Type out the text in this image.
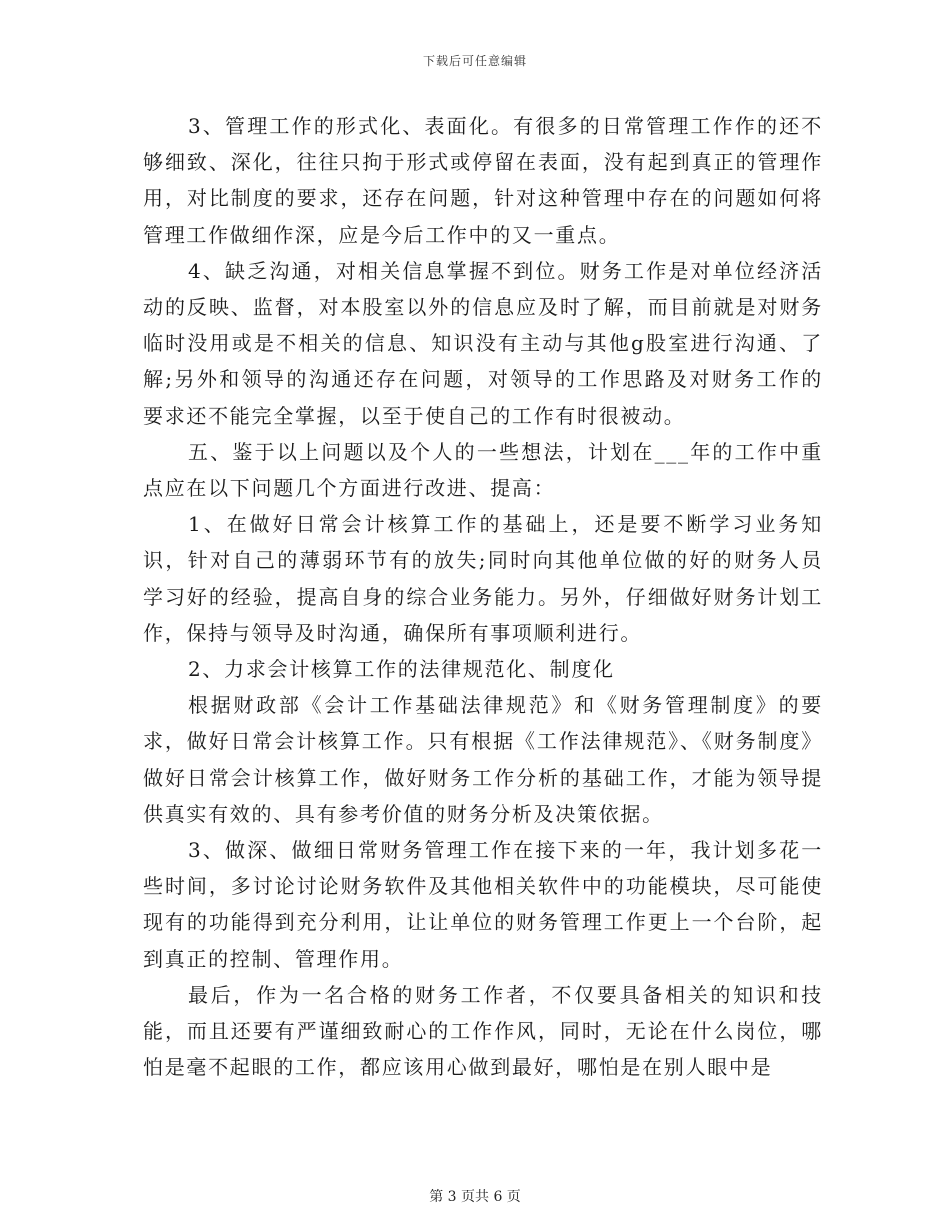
下载后可任意编辑

3、管理工作的形式化、表面化。有很多的日常管理工作作的还不够细致、深化，往往只拘于形式或停留在表面，没有起到真正的管理作用，对比制度的要求，还存在问题，针对这种管理中存在的问题如何将管理工作做细作深，应是今后工作中的又一重点。

4、缺乏沟通，对相关信息掌握不到位。财务工作是对单位经济活动的反映、监督，对本股室以外的信息应及时了解，而目前就是对财务临时没用或是不相关的信息、知识没有主动与其他g股室进行沟通、了解;另外和领导的沟通还存在问题，对领导的工作思路及对财务工作的要求还不能完全掌握，以至于使自己的工作有时很被动。

五、鉴于以上问题以及个人的一些想法，计划在___年的工作中重点应在以下问题几个方面进行改进、提高：

1、在做好日常会计核算工作的基础上，还是要不断学习业务知识，针对自己的薄弱环节有的放失;同时向其他单位做的好的财务人员学习好的经验，提高自身的综合业务能力。另外，仔细做好财务计划工作，保持与领导及时沟通，确保所有事项顺利进行。

2、力求会计核算工作的法律规范化、制度化

根据财政部《会计工作基础法律规范》和《财务管理制度》的要求，做好日常会计核算工作。只有根据《工作法律规范》、《财务制度》做好日常会计核算工作，做好财务工作分析的基础工作，才能为领导提供真实有效的、具有参考价值的财务分析及决策依据。

3、做深、做细日常财务管理工作在接下来的一年，我计划多花一些时间，多讨论讨论财务软件及其他相关软件中的功能模块，尽可能使现有的功能得到充分利用，让让单位的财务管理工作更上一个台阶，起到真正的控制、管理作用。

最后，作为一名合格的财务工作者，不仅要具备相关的知识和技能，而且还要有严谨细致耐心的工作作风，同时，无论在什么岗位，哪怕是毫不起眼的工作，都应该用心做到最好，哪怕是在别人眼中是

第 3 页共 6 页
